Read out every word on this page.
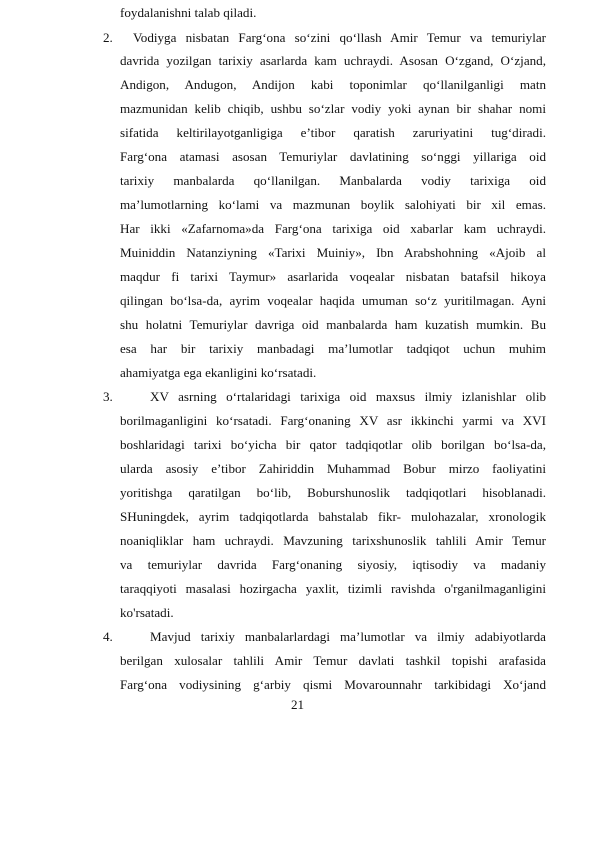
foydalanishni talab qiladi.
2. Vodiyga nisbatan Farg‘ona so‘zini qo‘llash Amir Temur va temuriylar
davrida yozilgan tarixiy asarlarda kam uchraydi. Asosan O‘zgand, O‘zjand,
Andigon, Andugon, Andijon kabi toponimlar qo‘llanilganligi matn
mazmunidan kelib chiqib, ushbu so‘zlar vodiy yoki aynan bir shahar nomi
sifatida keltirilayotganligiga e’tibor qaratish zaruriyatini tug‘diradi.
Farg‘ona atamasi asosan Temuriylar davlatining so‘nggi yillariga oid
tarixiy manbalarda qo‘llanilgan. Manbalarda vodiy tarixiga oid
ma’lumotlarning ko‘lami va mazmunan boylik salohiyati bir xil emas.
Har ikki «Zafarnoma»da Farg‘ona tarixiga oid xabarlar kam uchraydi.
Muiniddin Natanziyning «Tarixi Muiniy», Ibn Arabshohning «Ajoib al
maqdur fi tarixi Taymur» asarlarida voqealar nisbatan batafsil hikoya
qilingan bo‘lsa-da, ayrim voqealar haqida umuman so‘z yuritilmagan. Ayni
shu holatni Temuriylar davriga oid manbalarda ham kuzatish mumkin. Bu
esa har bir tarixiy manbadagi ma’lumotlar tadqiqot uchun muhim
ahamiyatga ega ekanligini ko‘rsatadi.
3.	XV asrning o‘rtalaridagi tarixiga oid maxsus ilmiy izlanishlar olib
borilmaganligini ko‘rsatadi. Farg‘onaning XV asr ikkinchi yarmi va XVI
boshlaridagi tarixi bo‘yicha bir qator tadqiqotlar olib borilgan bo‘lsa-da,
ularda asosiy e’tibor Zahiriddin Muhammad Bobur mirzo faoliyatini
yoritishga qaratilgan bo‘lib, Boburshunoslik tadqiqotlari hisoblanadi.
SHuningdek, ayrim tadqiqotlarda bahstalab fikr- mulohazalar, xronologik
noaniqliklar ham uchraydi. Mavzuning tarixshunoslik tahlili Amir Temur
va temuriylar davrida Farg‘onaning siyosiy, iqtisodiy va madaniy
taraqqiyoti masalasi hozirgacha yaxlit, tizimli ravishda o'rganilmaganligini
ko'rsatadi.
4.	Mavjud tarixiy manbalarlardagi ma’lumotlar va ilmiy adabiyotlarda
berilgan xulosalar tahlili Amir Temur davlati tashkil topishi arafasida
Farg‘ona vodiysining g‘arbiy qismi Movarounnahr tarkibidagi Xo‘jand
21
